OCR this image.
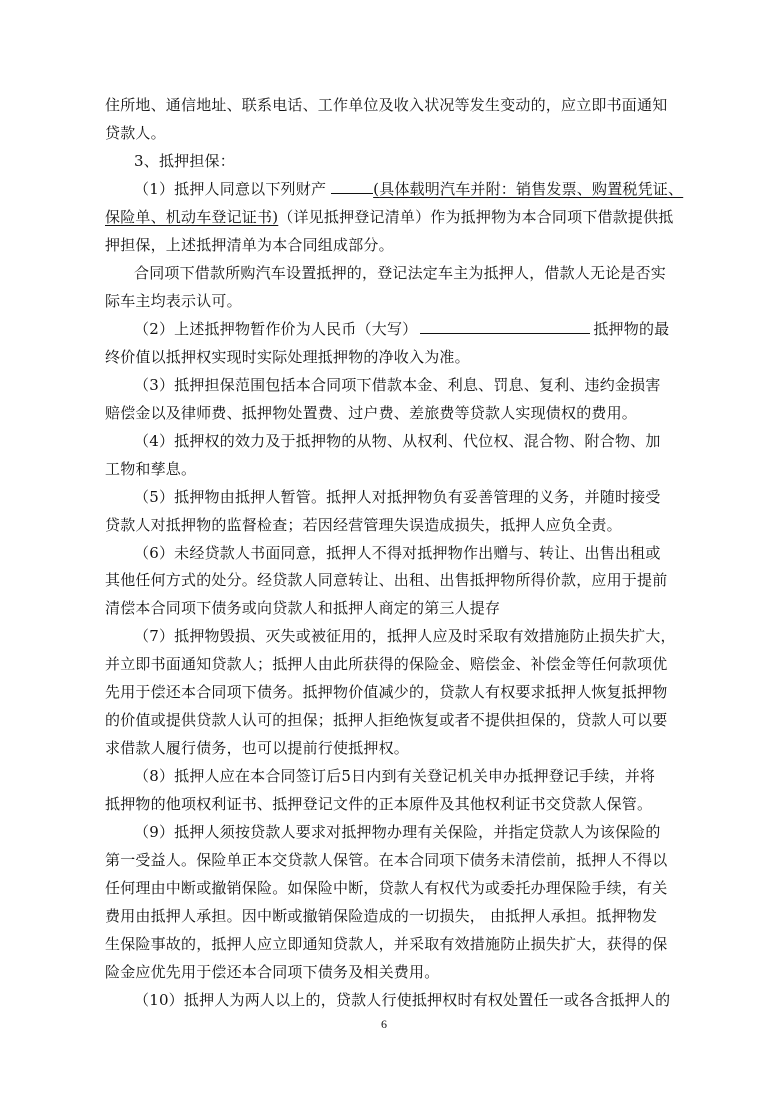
住所地、通信地址、联系电话、工作单位及收入状况等发生变动的，应立即书面通知
贷款人。
3、抵押担保：
（1）抵押人同意以下列财产	(具体载明汽车并附：销售发票、购置税凭证、
保险单、机动车登记证书)（详见抵押登记清单）作为抵押物为本合同项下借款提供抵
押担保，上述抵押清单为本合同组成部分。
合同项下借款所购汽车设置抵押的，登记法定车主为抵押人，借款人无论是否实
际车主均表示认可。
（2）上述抵押物暂作价为人民币（大写）	抵押物的最
终价值以抵押权实现时实际处理抵押物的净收入为准。
（3）抵押担保范围包括本合同项下借款本金、利息、罚息、复利、违约金损害
赔偿金以及律师费、抵押物处置费、过户费、差旅费等贷款人实现债权的费用。
（4）抵押权的效力及于抵押物的从物、从权利、代位权、混合物、附合物、加
工物和孳息。
（5）抵押物由抵押人暂管。抵押人对抵押物负有妥善管理的义务，并随时接受
贷款人对抵押物的监督检查；若因经营管理失误造成损失，抵押人应负全责。
（6）未经贷款人书面同意，抵押人不得对抵押物作出赠与、转让、出售出租或
其他任何方式的处分。经贷款人同意转让、出租、出售抵押物所得价款，应用于提前
清偿本合同项下债务或向贷款人和抵押人商定的第三人提存
（7）抵押物毁损、灭失或被征用的，抵押人应及时采取有效措施防止损失扩大，
并立即书面通知贷款人；抵押人由此所获得的保险金、赔偿金、补偿金等任何款项优
先用于偿还本合同项下债务。抵押物价值减少的，贷款人有权要求抵押人恢复抵押物
的价值或提供贷款人认可的担保；抵押人拒绝恢复或者不提供担保的，贷款人可以要
求借款人履行债务，也可以提前行使抵押权。
（8）抵押人应在本合同签订后5日内到有关登记机关申办抵押登记手续，并将
抵押物的他项权利证书、抵押登记文件的正本原件及其他权利证书交贷款人保管。
（9）抵押人须按贷款人要求对抵押物办理有关保险，并指定贷款人为该保险的
第一受益人。保险单正本交贷款人保管。在本合同项下债务未清偿前，抵押人不得以
任何理由中断或撤销保险。如保险中断，贷款人有权代为或委托办理保险手续，有关
费用由抵押人承担。因中断或撤销保险造成的一切损失， 由抵押人承担。抵押物发
生保险事故的，抵押人应立即通知贷款人，并采取有效措施防止损失扩大，获得的保
险金应优先用于偿还本合同项下债务及相关费用。
（10）抵押人为两人以上的，贷款人行使抵押权时有权处置任一或各含抵押人的
6
